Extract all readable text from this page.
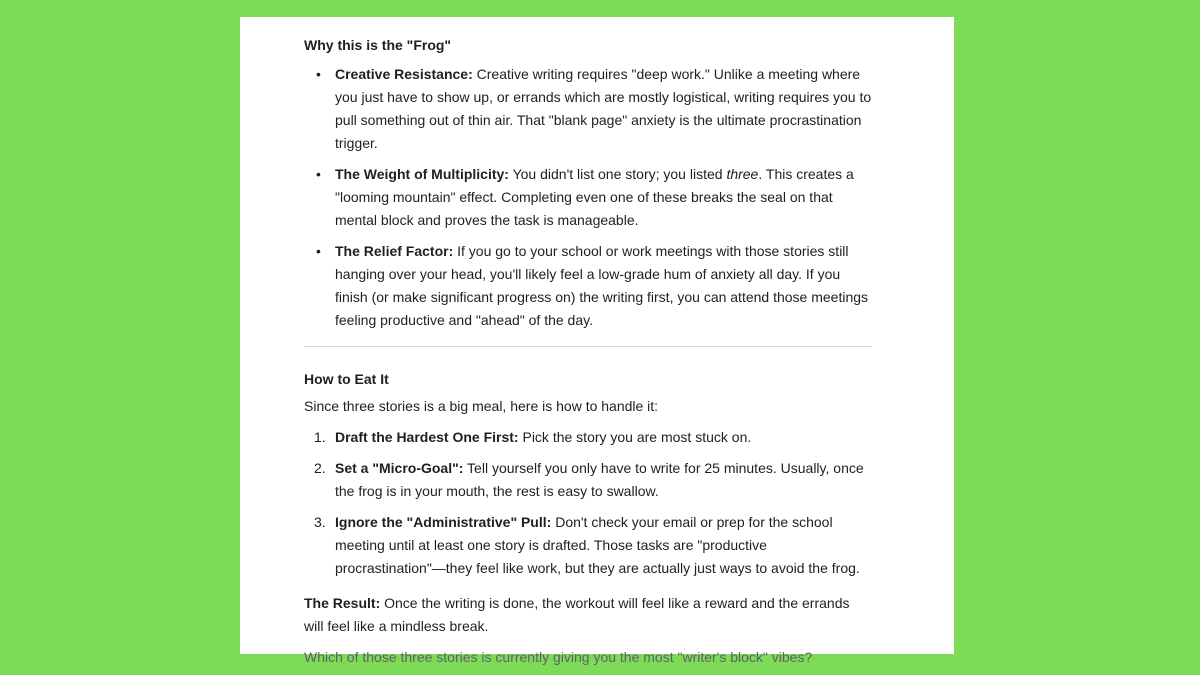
Why this is the "Frog"

• Creative Resistance: Creative writing requires "deep work." Unlike a meeting where you just have to show up, or errands which are mostly logistical, writing requires you to pull something out of thin air. That "blank page" anxiety is the ultimate procrastination trigger.
• The Weight of Multiplicity: You didn't list one story; you listed three. This creates a "looming mountain" effect. Completing even one of these breaks the seal on that mental block and proves the task is manageable.
• The Relief Factor: If you go to your school or work meetings with those stories still hanging over your head, you'll likely feel a low-grade hum of anxiety all day. If you finish (or make significant progress on) the writing first, you can attend those meetings feeling productive and "ahead" of the day.

How to Eat It

Since three stories is a big meal, here is how to handle it:

1. Draft the Hardest One First: Pick the story you are most stuck on.
2. Set a "Micro-Goal": Tell yourself you only have to write for 25 minutes. Usually, once the frog is in your mouth, the rest is easy to swallow.
3. Ignore the "Administrative" Pull: Don't check your email or prep for the school meeting until at least one story is drafted. Those tasks are "productive procrastination"—they feel like work, but they are actually just ways to avoid the frog.

The Result: Once the writing is done, the workout will feel like a reward and the errands will feel like a mindless break.

Which of those three stories is currently giving you the most "writer's block" vibes?
